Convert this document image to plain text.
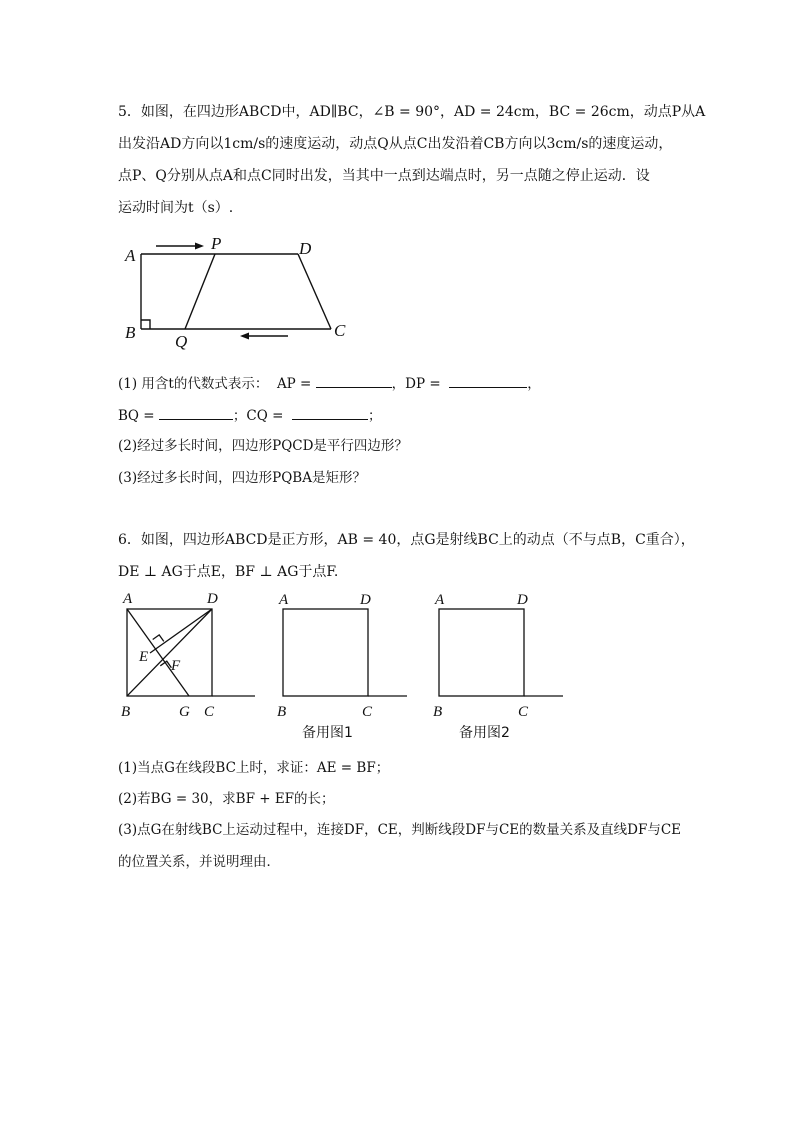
5．如图，在四边形ABCD中，AD∥BC，∠B = 90°，AD = 24cm，BC = 26cm，动点P从A
出发沿AD方向以1cm/s的速度运动，动点Q从点C出发沿着CB方向以3cm/s的速度运动，
点P、Q分别从点A和点C同时出发，当其中一点到达端点时，另一点随之停止运动．设
运动时间为t（s）.
A
P	D
B Q
C
(1) 用含t的代数式表示： AP =	，DP =	，
BQ =	；CQ =	；
(2)经过多长时间，四边形PQCD是平行四边形？
(3)经过多长时间，四边形PQBA是矩形？
6．如图，四边形ABCD是正方形，AB = 40，点G是射线BC上的动点（不与点B，C重合），
DE ⊥ AG于点E，BF ⊥ AG于点F.
A	D
E
F
B	G C
A	D
B	C
备用图1
A	D
B	C
备用图2
(1)当点G在线段BC上时，求证：AE = BF；
(2)若BG = 30，求BF + EF的长；
(3)点G在射线BC上运动过程中，连接DF，CE，判断线段DF与CE的数量关系及直线DF与CE
的位置关系，并说明理由．
